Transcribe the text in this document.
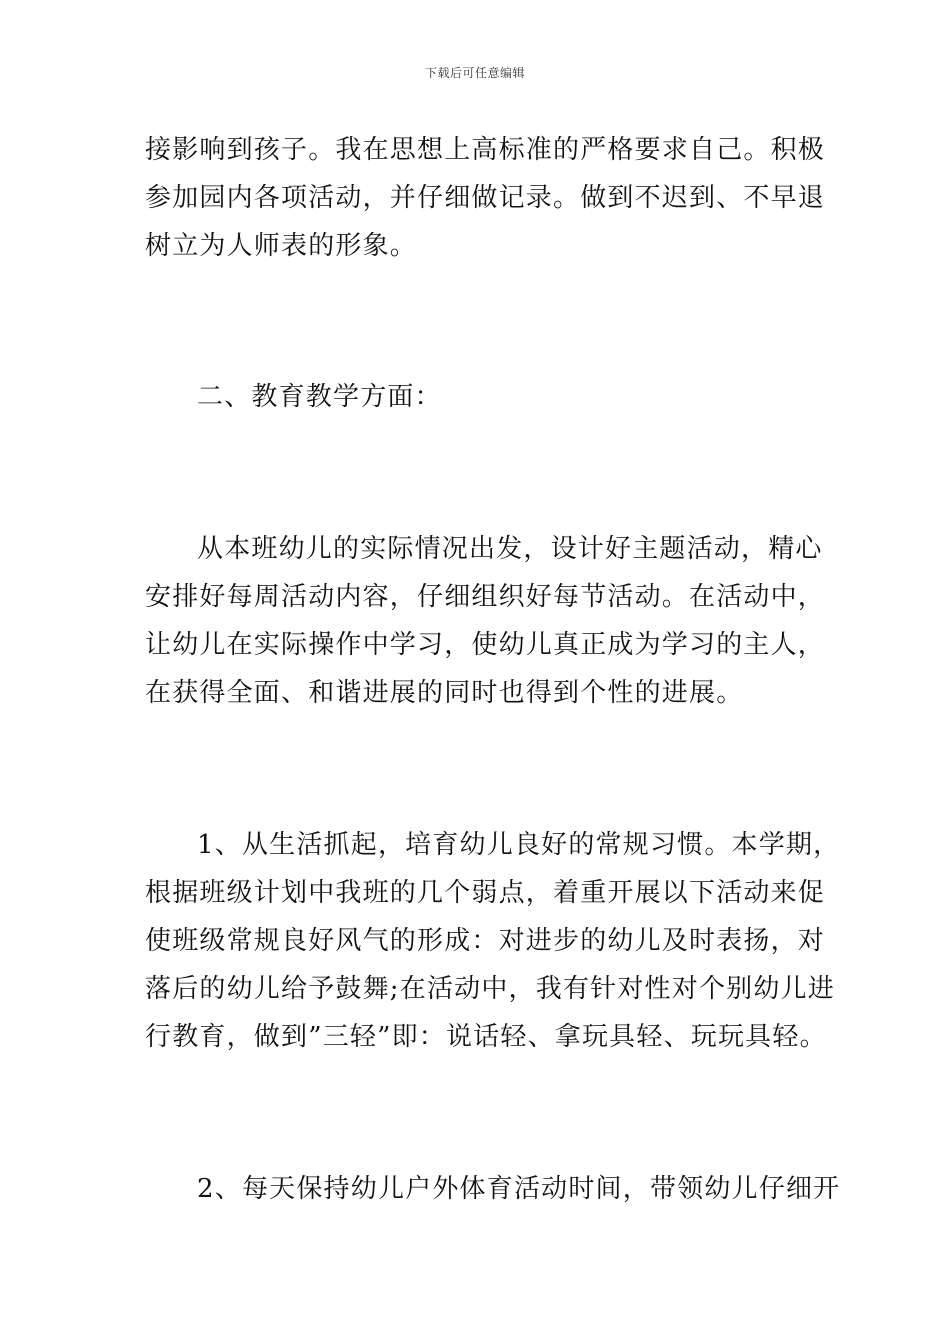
下载后可任意编辑
接影响到孩子。我在思想上高标准的严格要求自己。积极
参加园内各项活动，并仔细做记录。做到不迟到、不早退
树立为人师表的形象。
二、教育教学方面：
从本班幼儿的实际情况出发，设计好主题活动，精心
安排好每周活动内容，仔细组织好每节活动。在活动中，
让幼儿在实际操作中学习，使幼儿真正成为学习的主人，
在获得全面、和谐进展的同时也得到个性的进展。
1、从生活抓起，培育幼儿良好的常规习惯。本学期，
根据班级计划中我班的几个弱点，着重开展以下活动来促
使班级常规良好风气的形成：对进步的幼儿及时表扬，对
落后的幼儿给予鼓舞;在活动中，我有针对性对个别幼儿进
行教育，做到”三轻”即：说话轻、拿玩具轻、玩玩具轻。
2、每天保持幼儿户外体育活动时间，带领幼儿仔细开
